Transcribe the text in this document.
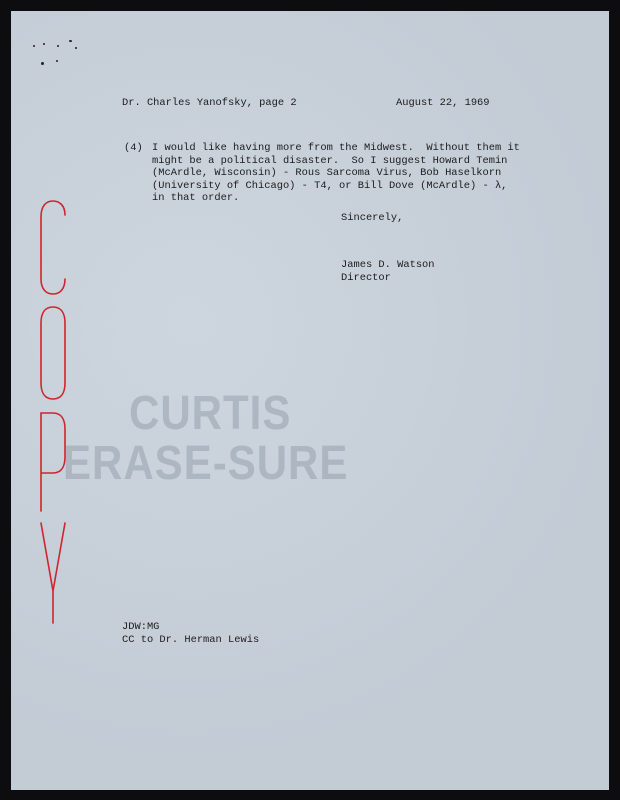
CURTIS
ERASE-SURE
Dr. Charles Yanofsky, page 2	August 22, 1969
(4) I would like having more from the Midwest.  Without them it
might be a political disaster.  So I suggest Howard Temin
(McArdle, Wisconsin) - Rous Sarcoma Virus, Bob Haselkorn
(University of Chicago) - T4, or Bill Dove (McArdle) - λ,
in that order.
Sincerely,
James D. Watson
Director
JDW:MG
CC to Dr. Herman Lewis
